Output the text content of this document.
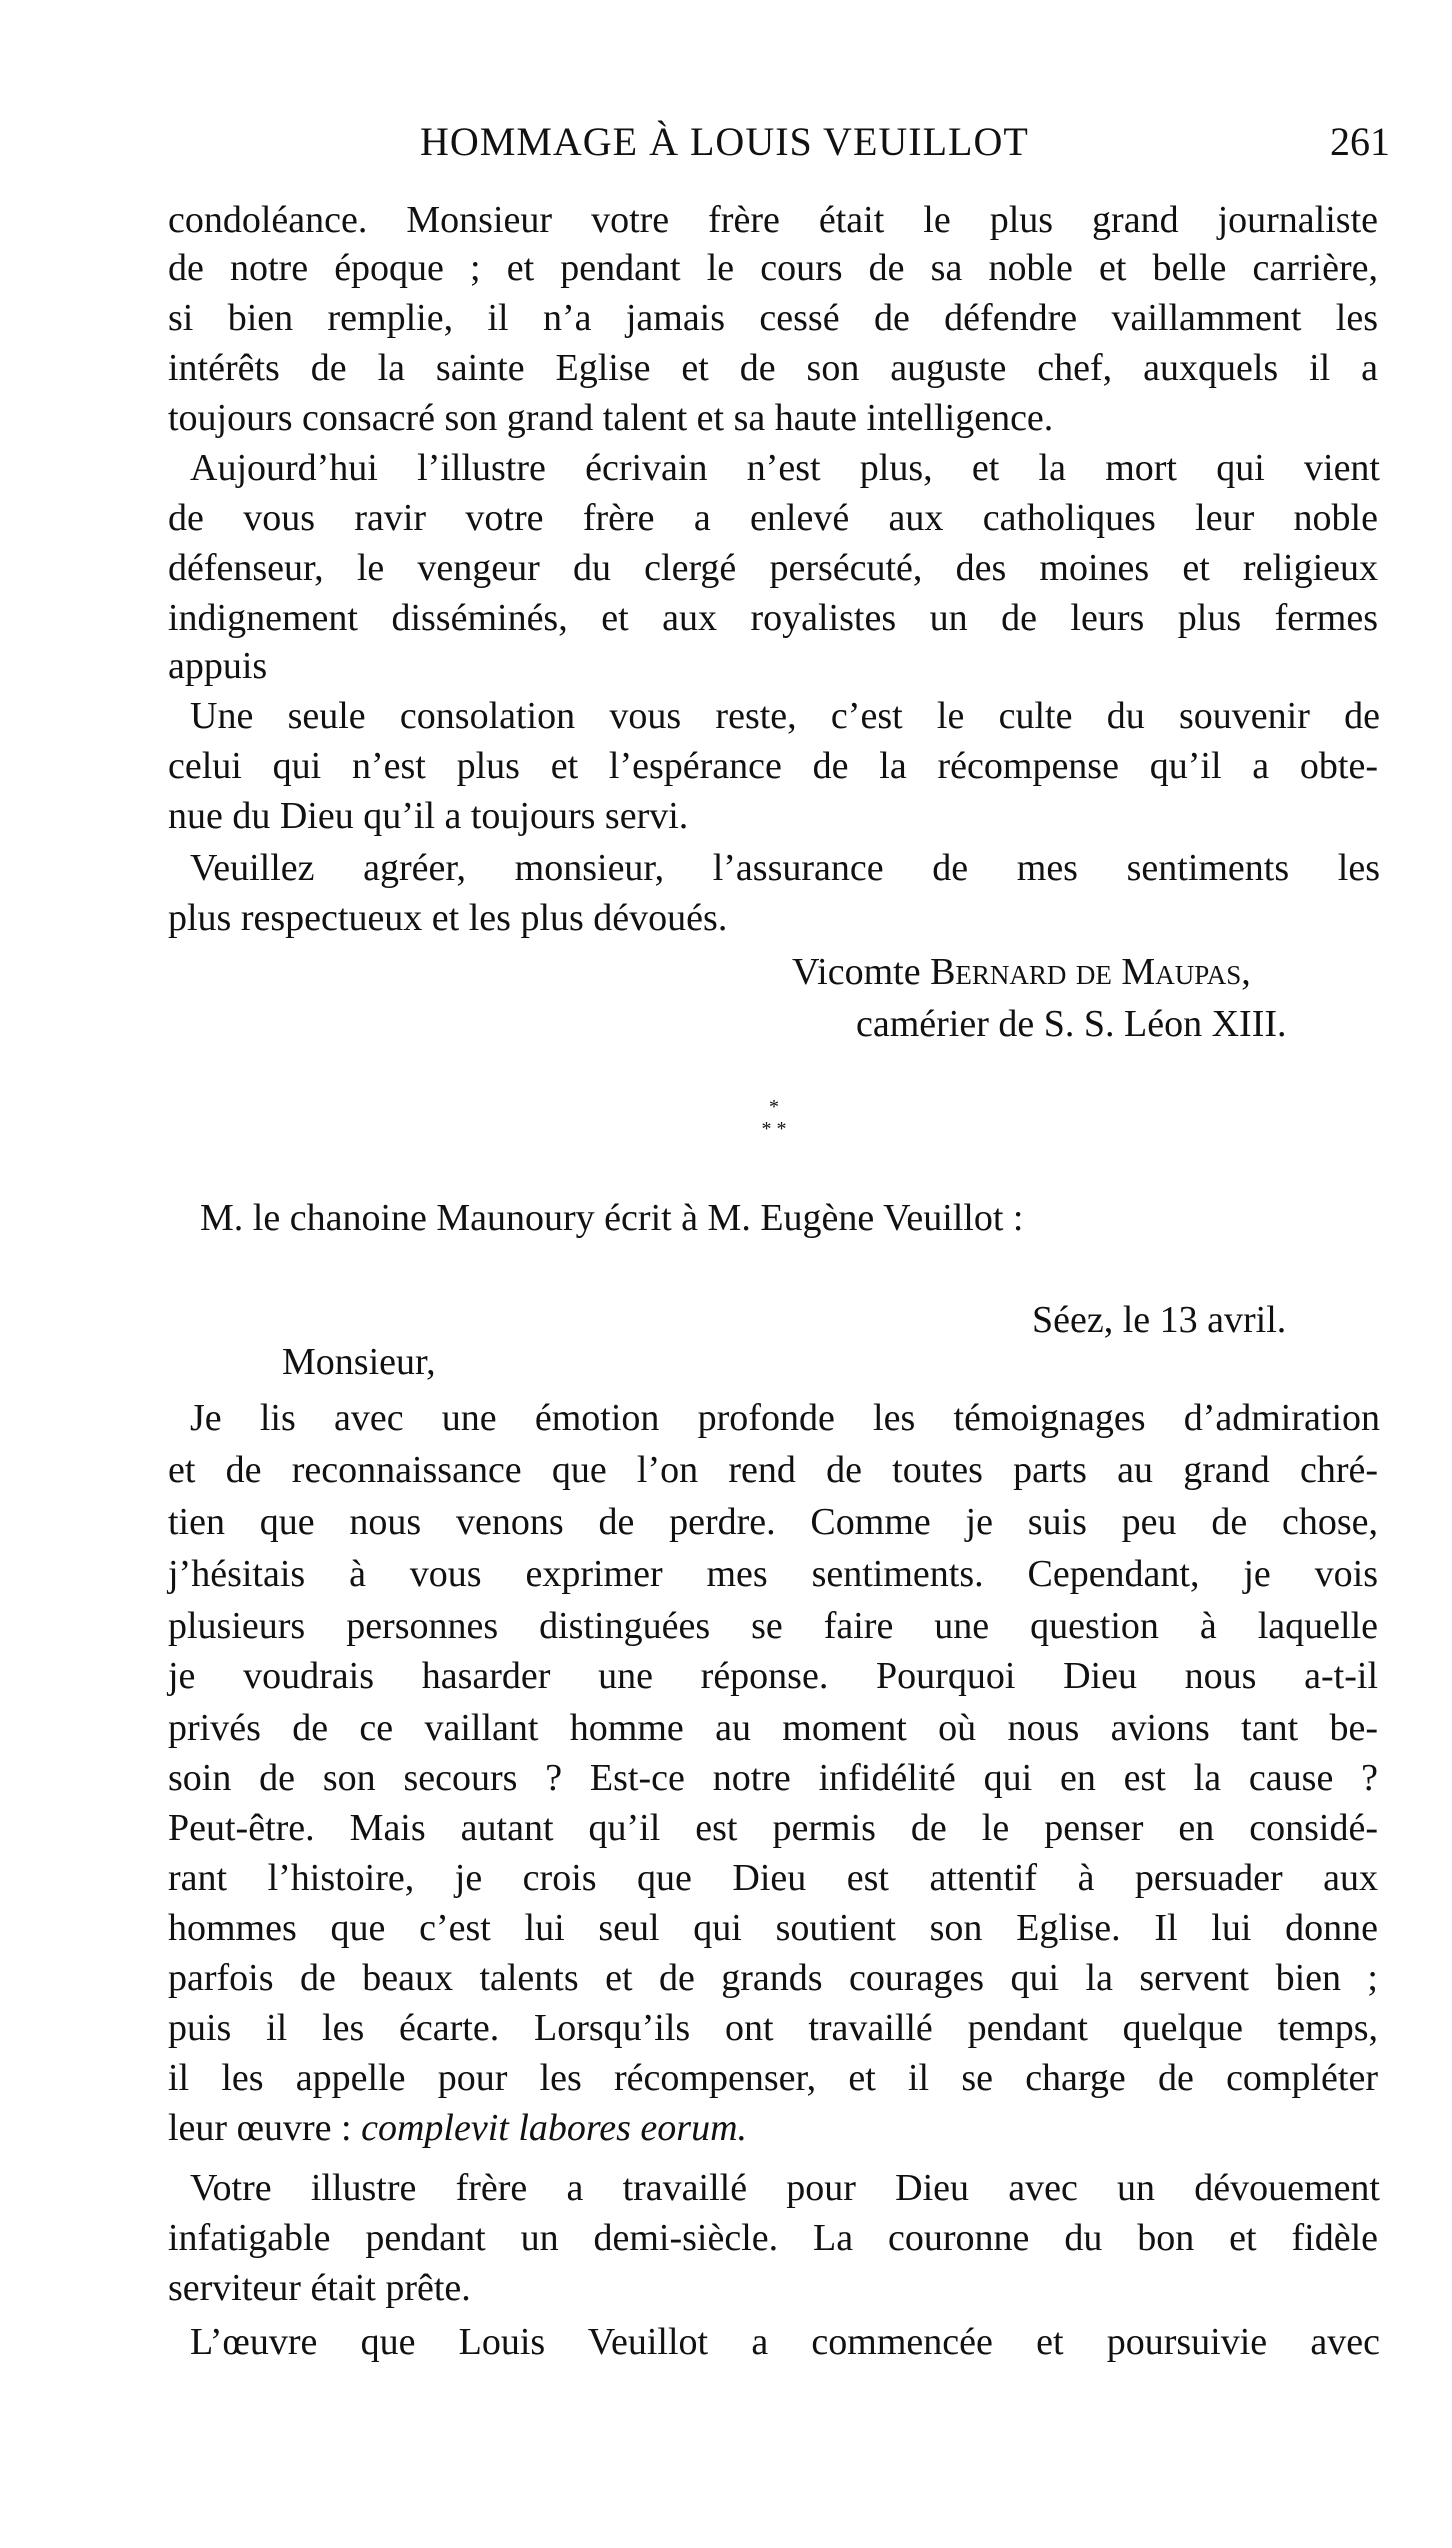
HOMMAGE À LOUIS VEUILLOT	261
condoléance. Monsieur votre frère était le plus grand journaliste
de notre époque ; et pendant le cours de sa noble et belle carrière,
si bien remplie, il n’a jamais cessé de défendre vaillamment les
intérêts de la sainte Eglise et de son auguste chef, auxquels il a
toujours consacré son grand talent et sa haute intelligence.
Aujourd’hui l’illustre écrivain n’est plus, et la mort qui vient
de vous ravir votre frère a enlevé aux catholiques leur noble
défenseur, le vengeur du clergé persécuté, des moines et religieux
indignement disséminés, et aux royalistes un de leurs plus fermes
appuis
Une seule consolation vous reste, c’est le culte du souvenir de
celui qui n’est plus et l’espérance de la récompense qu’il a obte-
nue du Dieu qu’il a toujours servi.
Veuillez agréer, monsieur, l’assurance de mes sentiments les
plus respectueux et les plus dévoués.
Vicomte Bernard de Maupas,
camérier de S. S. Léon XIII.
*
* *
M. le chanoine Maunoury écrit à M. Eugène Veuillot :
Séez, le 13 avril.
Monsieur,
Je lis avec une émotion profonde les témoignages d’admiration
et de reconnaissance que l’on rend de toutes parts au grand chré-
tien que nous venons de perdre. Comme je suis peu de chose,
j’hésitais à vous exprimer mes sentiments. Cependant, je vois
plusieurs personnes distinguées se faire une question à laquelle
je voudrais hasarder une réponse. Pourquoi Dieu nous a-t-il
privés de ce vaillant homme au moment où nous avions tant be-
soin de son secours ? Est-ce notre infidélité qui en est la cause ?
Peut-être. Mais autant qu’il est permis de le penser en considé-
rant l’histoire, je crois que Dieu est attentif à persuader aux
hommes que c’est lui seul qui soutient son Eglise. Il lui donne
parfois de beaux talents et de grands courages qui la servent bien ;
puis il les écarte. Lorsqu’ils ont travaillé pendant quelque temps,
il les appelle pour les récompenser, et il se charge de compléter
leur œuvre : complevit labores eorum.
Votre illustre frère a travaillé pour Dieu avec un dévouement
infatigable pendant un demi-siècle. La couronne du bon et fidèle
serviteur était prête.
L’œuvre que Louis Veuillot a commencée et poursuivie avec
